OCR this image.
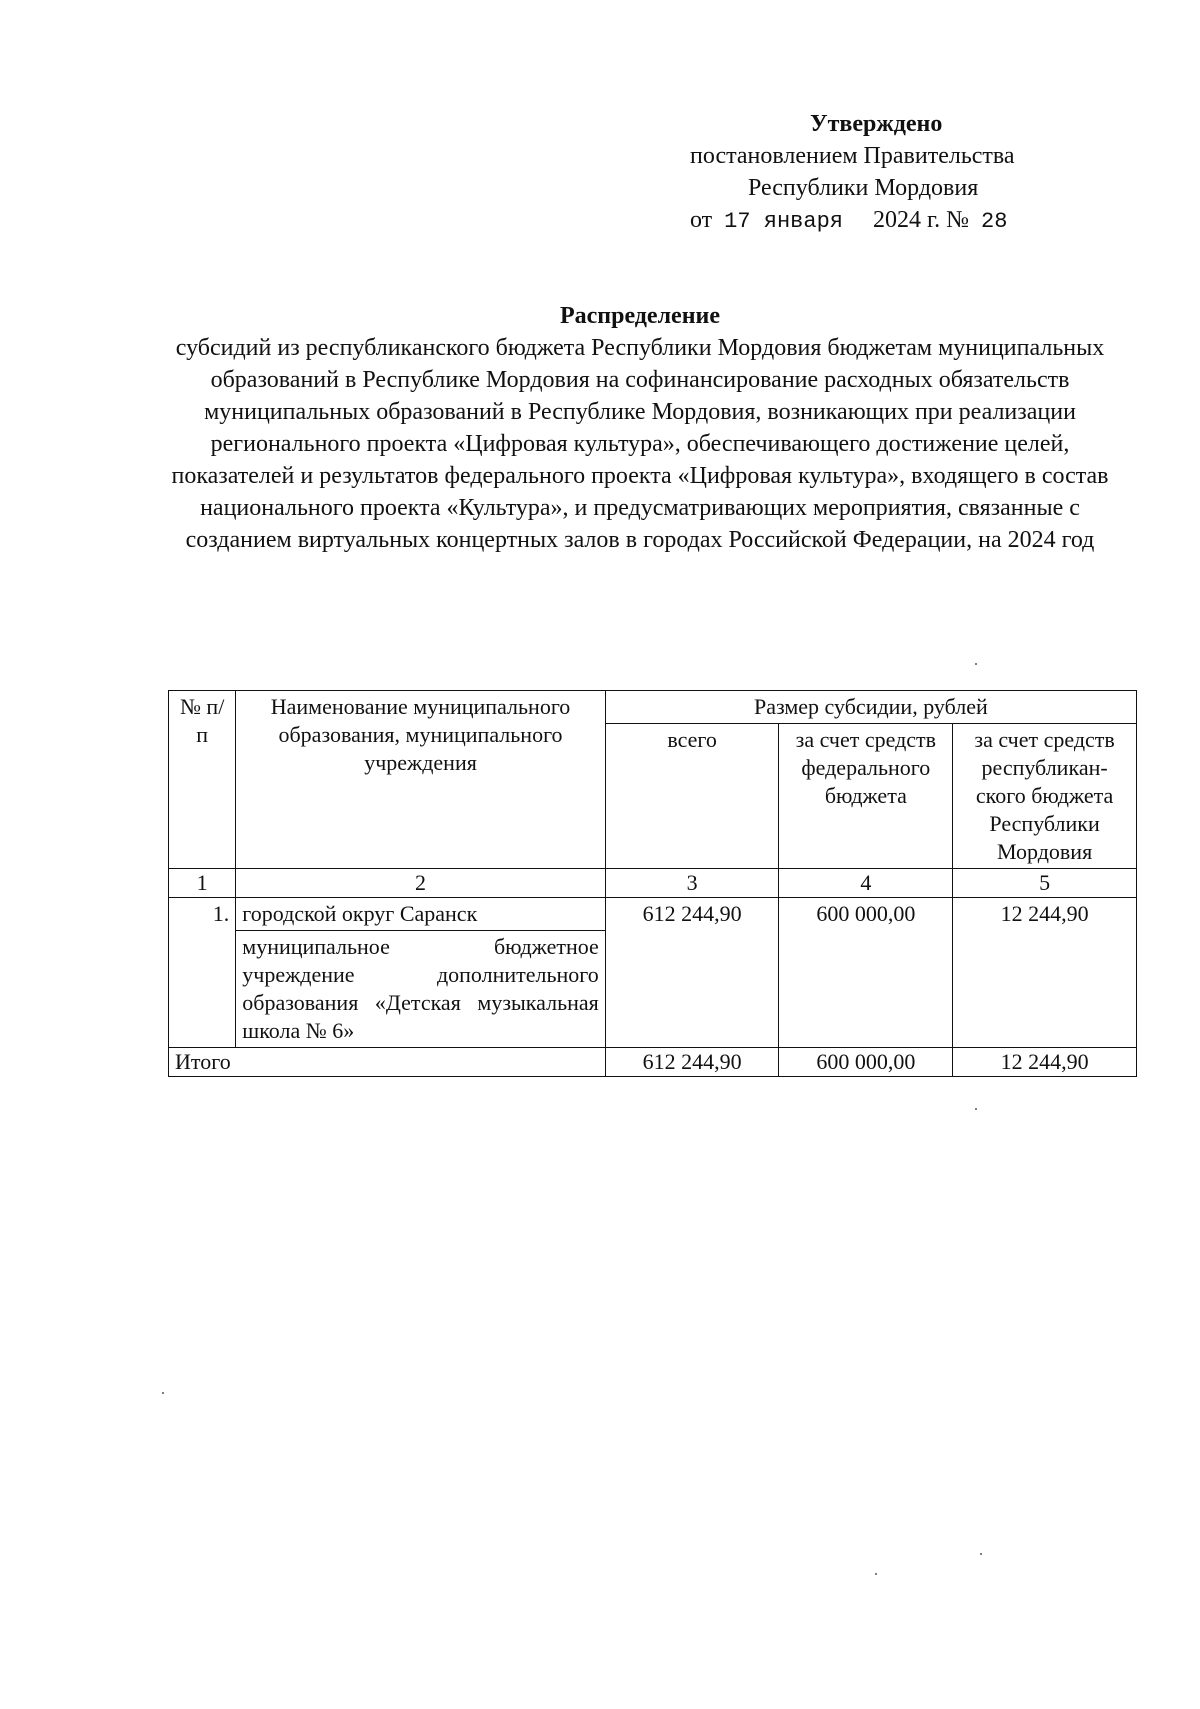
Утверждено
постановлением Правительства
Республики Мордовия
от 17 января 2024 г. № 28
Распределение
субсидий из республиканского бюджета Республики Мордовия бюджетам муниципальных образований в Республике Мордовия на софинансирование расходных обязательств муниципальных образований в Республике Мордовия, возникающих при реализации регионального проекта «Цифровая культура», обеспечивающего достижение целей, показателей и результатов федерального проекта «Цифровая культура», входящего в состав национального проекта «Культура», и предусматривающих мероприятия, связанные с созданием виртуальных концертных залов в городах Российской Федерации, на 2024 год
№ п/п	Наименование муниципального образования, муниципального учреждения	Размер субсидии, рублей		
		всего	за счет средств федерального бюджета	за счет средств республикан-ского бюджета Республики Мордовия
1	2	3	4	5
1.	городской округ Саранск	612 244,90	600 000,00	12 244,90
	муниципальное бюджетное учреждение дополнительного образования «Детская музыкальная школа № 6»			
Итого		612 244,90	600 000,00	12 244,90
